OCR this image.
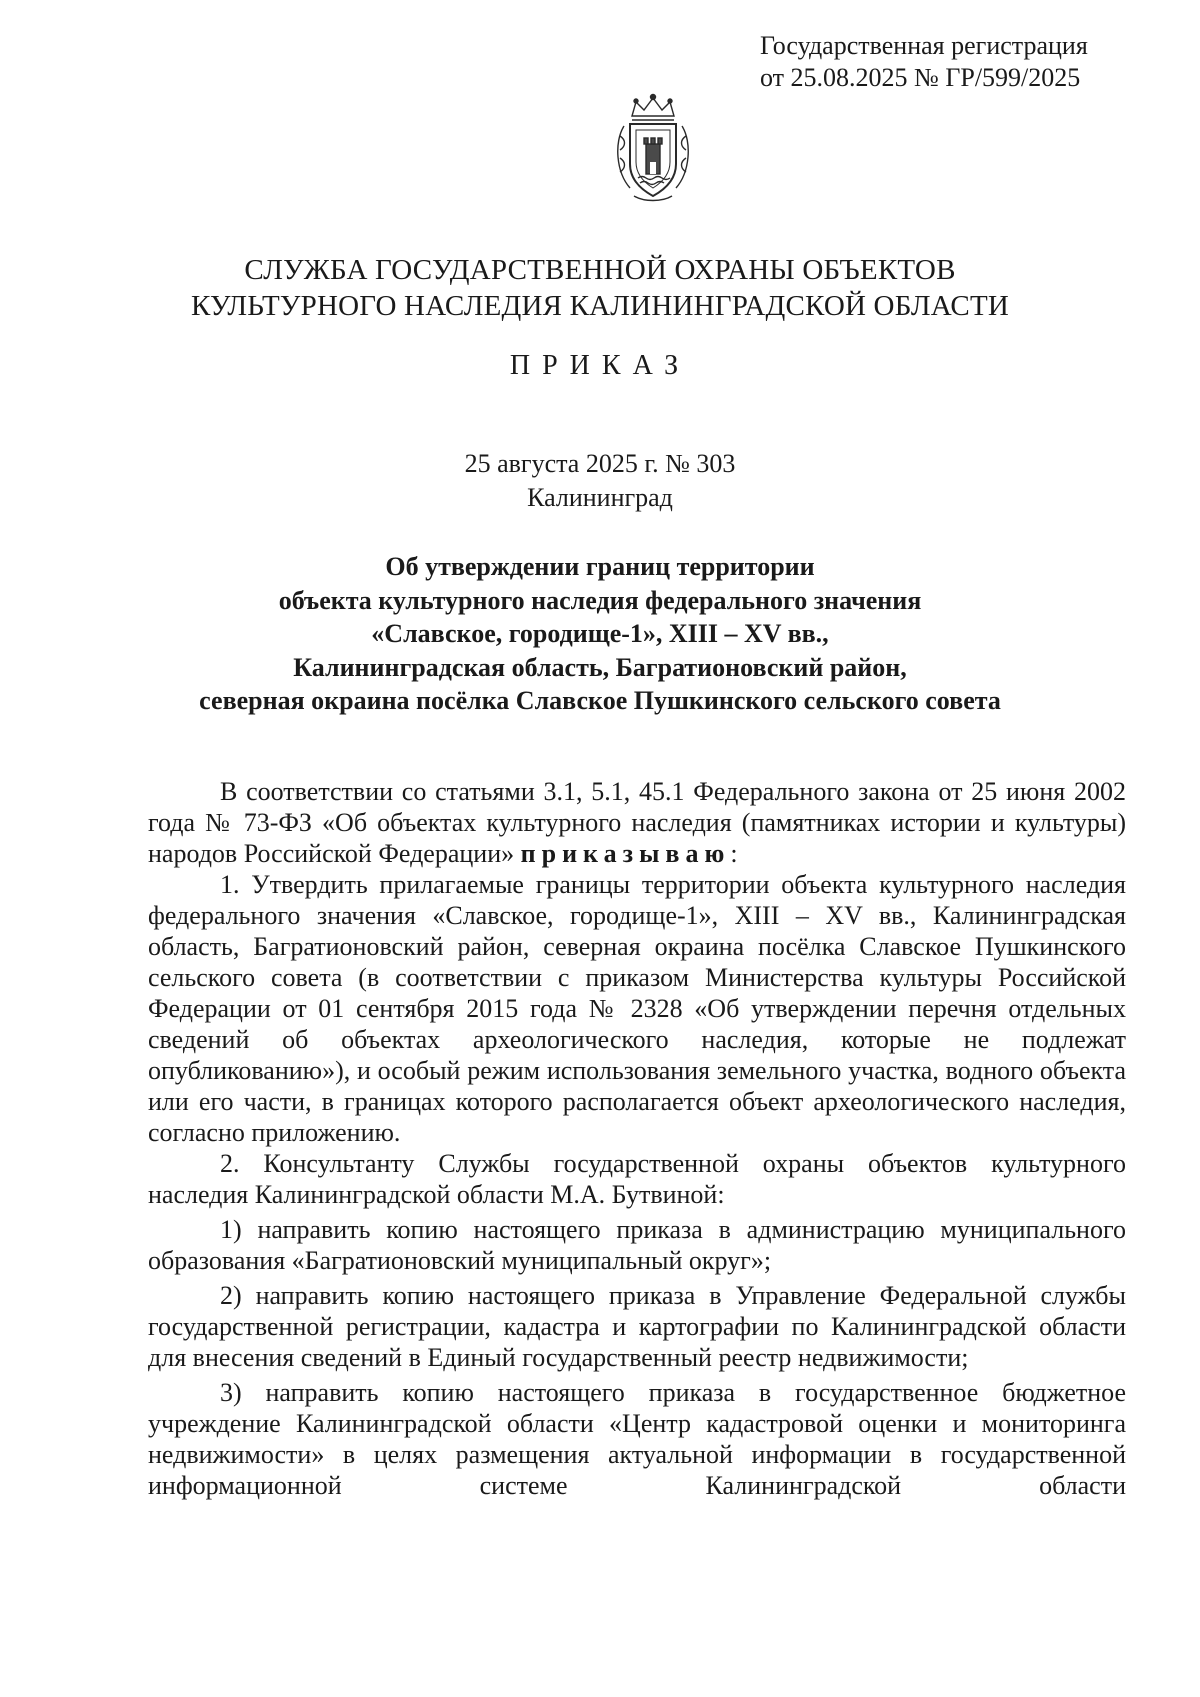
Государственная регистрация
от 25.08.2025 № ГР/599/2025
СЛУЖБА ГОСУДАРСТВЕННОЙ ОХРАНЫ ОБЪЕКТОВ
КУЛЬТУРНОГО НАСЛЕДИЯ КАЛИНИНГРАДСКОЙ ОБЛАСТИ
ПРИКАЗ
25 августа 2025 г. № 303
Калининград
Об утверждении границ территории
объекта культурного наследия федерального значения
«Славское, городище-1», XIII – XV вв.,
Калининградская область, Багратионовский район,
северная окраина посёлка Славское Пушкинского сельского совета

В соответствии со статьями 3.1, 5.1, 45.1 Федерального закона от 25 июня 2002 года № 73-ФЗ «Об объектах культурного наследия (памятниках истории и культуры) народов Российской Федерации» приказываю:

1. Утвердить прилагаемые границы территории объекта культурного наследия федерального значения «Славское, городище-1», XIII – XV вв., Калининградская область, Багратионовский район, северная окраина посёлка Славское Пушкинского сельского совета (в соответствии с приказом Министерства культуры Российской Федерации от 01 сентября 2015 года № 2328 «Об утверждении перечня отдельных сведений об объектах археологического наследия, которые не подлежат опубликованию»), и особый режим использования земельного участка, водного объекта или его части, в границах которого располагается объект археологического наследия, согласно приложению.

2. Консультанту Службы государственной охраны объектов культурного наследия Калининградской области М.А. Бутвиной:

1) направить копию настоящего приказа в администрацию муниципального образования «Багратионовский муниципальный округ»;

2) направить копию настоящего приказа в Управление Федеральной службы государственной регистрации, кадастра и картографии по Калининградской области для внесения сведений в Единый государственный реестр недвижимости;

3) направить копию настоящего приказа в государственное бюджетное учреждение Калининградской области «Центр кадастровой оценки и мониторинга недвижимости» в целях размещения актуальной информации в государственной информационной системе Калининградской области
